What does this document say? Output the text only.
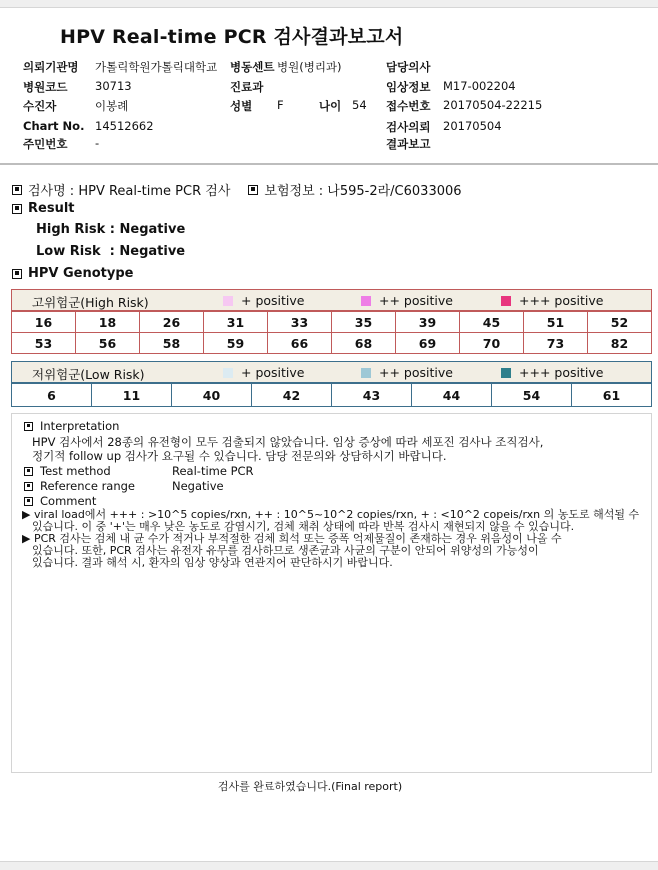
HPV Real-time PCR 검사결과보고서
의뢰기관명 가톨릭학원가톨릭대학교 병동센트 병원(병리과)	담당의사
병원코드 30713	진료과	임상정보 M17-002204
수진자	이봉례	성별 F	나이 54 접수번호 20170504-22215
Chart No. 14512662	검사의뢰 20170504
주민번호 -	결과보고
검사명 :
HPV Real-time PCR 검사	보험정보 :
나595-2라/C6033006
Result
High Risk : Negative
Low Risk  : Negative
HPV Genotype
고위험군(High Risk)	+ positive	++ positive	+++ positive
16	18	26	31	33	35	39	45	51	52
53	56	58	59	66	68	69	70	73	82
저위험군(Low Risk)	+ positive	++ positive	+++ positive
6	11	40	42	43	44	54	61
Interpretation
HPV 검사에서 28종의 유전형이 모두 검출되지 않았습니다. 임상 증상에 따라 세포진 검사나 조직검사,
정기적 follow up 검사가 요구될 수 있습니다. 담당 전문의와 상담하시기 바랍니다.
Test method	Real-time PCR
Reference range	Negative
Comment
▶ viral load에서 +++ : >10^5 copies/rxn, ++ : 10^5~10^2 copies/rxn, + : <10^2 copeis/rxn 의 농도로 해석될 수
있습니다. 이 중 '+'는 매우 낮은 농도로 감염시기, 검체 채취 상태에 따라 반복 검사시 재현되지 않을 수 있습니다.
▶ PCR 검사는 검체 내 균 수가 적거나 부적절한 검체 희석 또는 증폭 억제물질이 존재하는 경우 위음성이 나올 수
있습니다. 또한, PCR 검사는 유전자 유무를 검사하므로 생존균과 사균의 구분이 안되어 위양성의 가능성이
있습니다. 결과 해석 시, 환자의 임상 양상과 연관지어 판단하시기 바랍니다.
검사를 완료하였습니다.(Final report)
